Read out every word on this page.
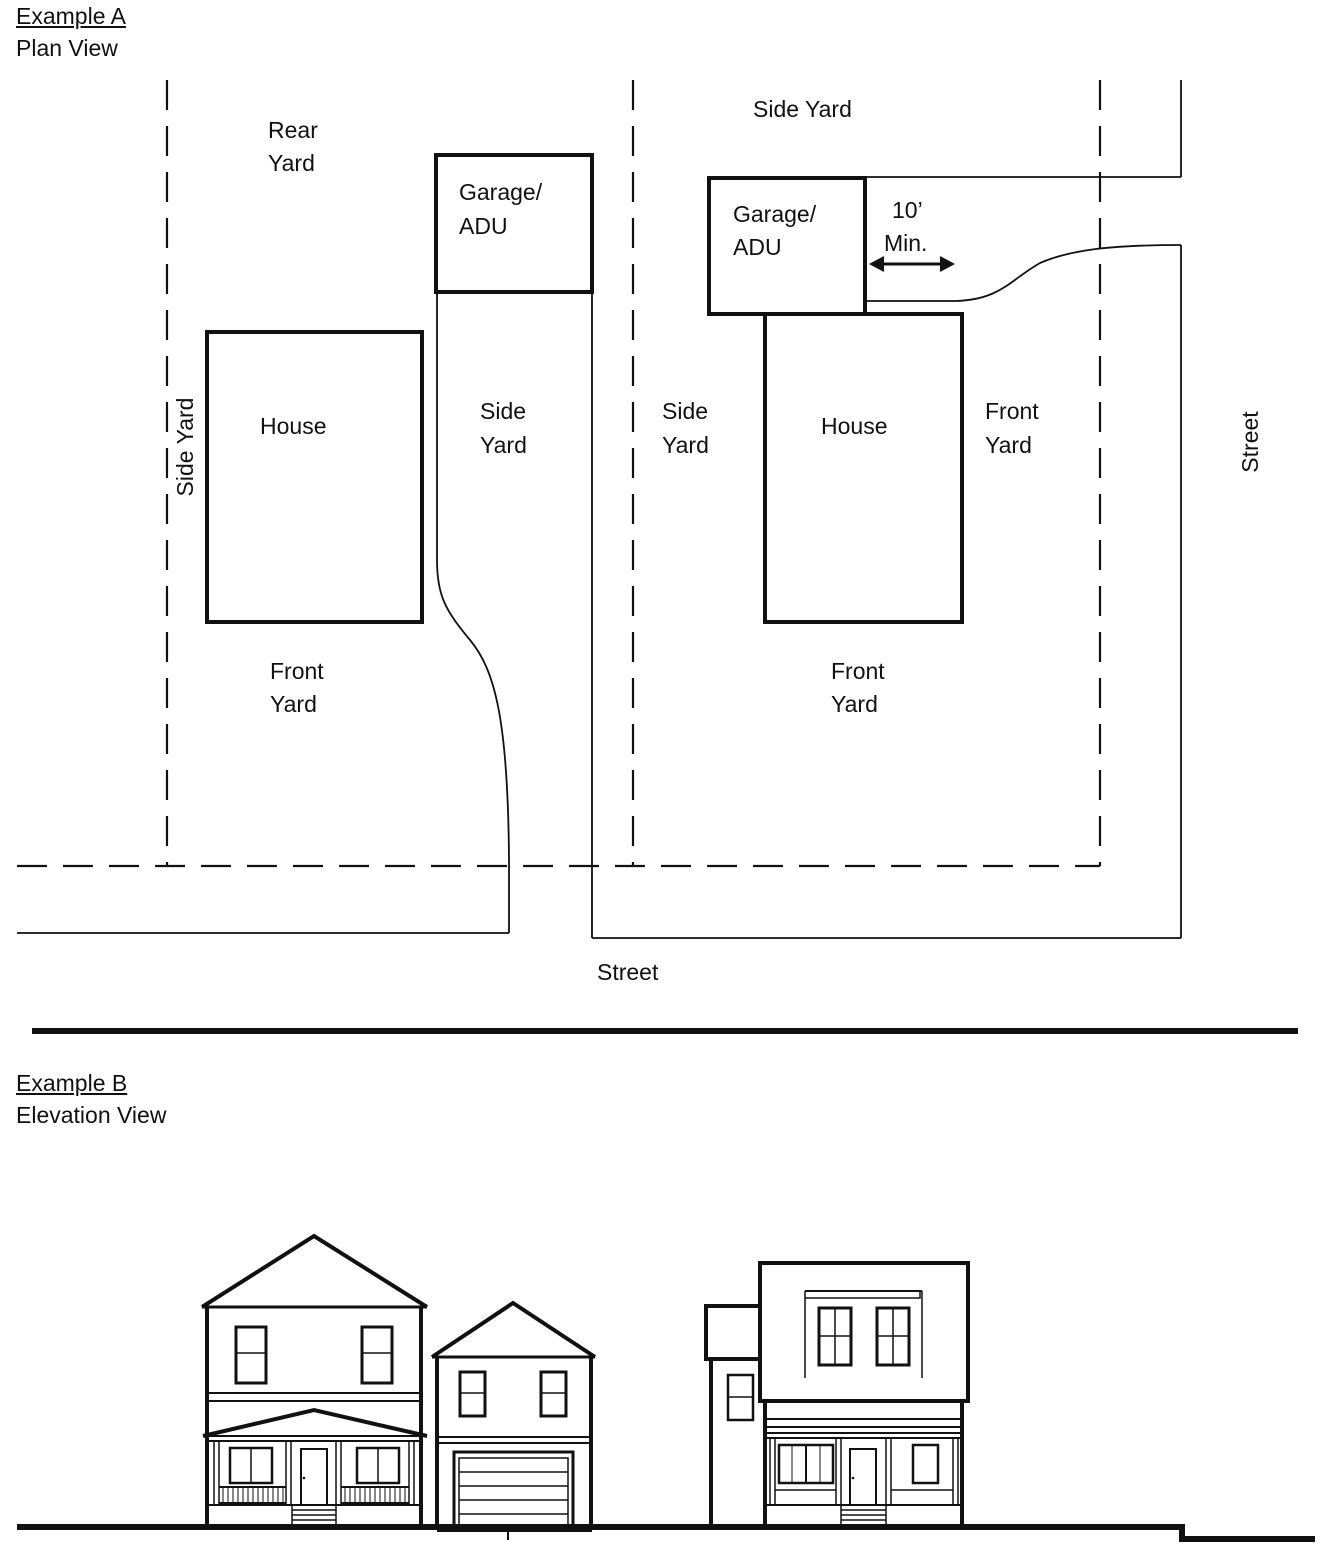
Example A
Plan View
Example B
Elevation View
Rear Yard
Side Yard	House
Garage/ ADU
Side Yard
Front Yard
Side Yard
Garage/ ADU
10’ Min.
Side Yard
House
Front Yard
Front Yard
Street
Street
